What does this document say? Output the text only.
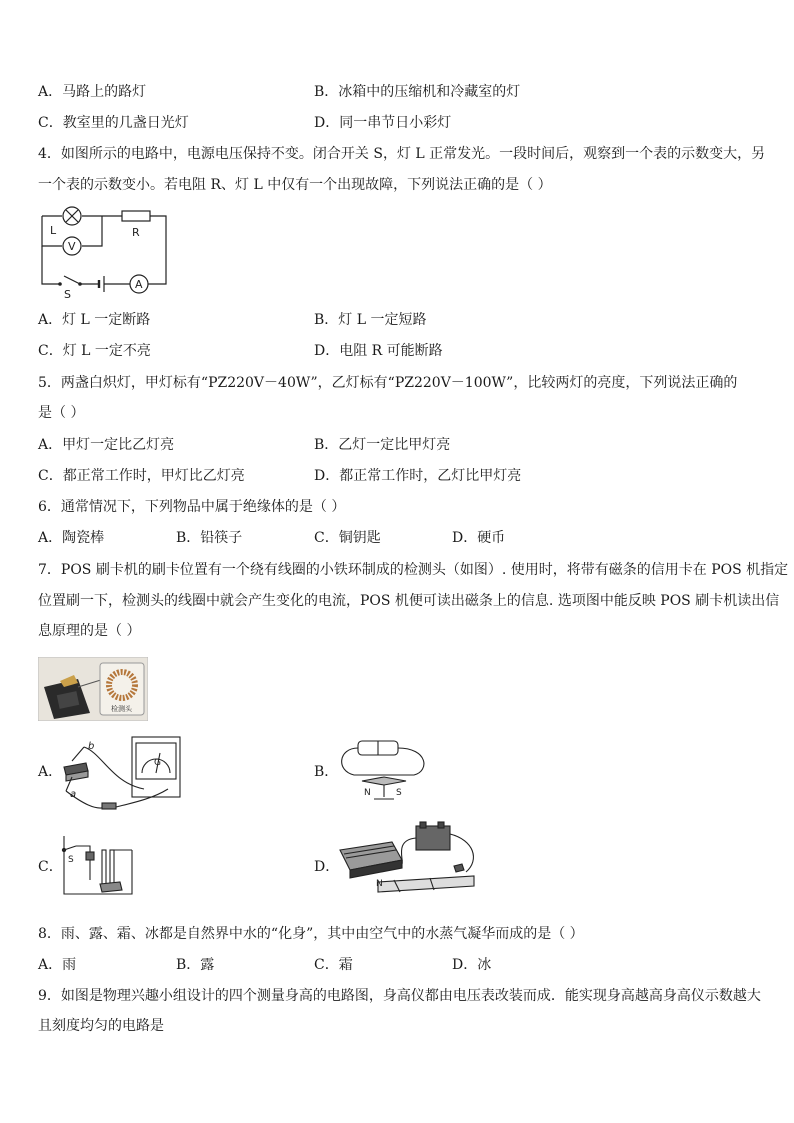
A．马路上的路灯	B．冰箱中的压缩机和冷藏室的灯
C．教室里的几盏日光灯	D．同一串节日小彩灯
4．如图所示的电路中，电源电压保持不变。闭合开关 S，灯 L 正常发光。一段时间后，观察到一个表的示数变大，另
一个表的示数变小。若电阻 R、灯 L 中仅有一个出现故障，下列说法正确的是（ ）
L
V
R
S
A
A．灯 L 一定断路	B．灯 L 一定短路
C．灯 L 一定不亮	D．电阻 R 可能断路
5．两盏白炽灯，甲灯标有“PZ220V－40W”，乙灯标有“PZ220V－100W”，比较两灯的亮度，下列说法正确的
是（ ）
A．甲灯一定比乙灯亮	B．乙灯一定比甲灯亮
C．都正常工作时，甲灯比乙灯亮	D．都正常工作时，乙灯比甲灯亮
6．通常情况下，下列物品中属于绝缘体的是（ ）
A．陶瓷棒	B．铅筷子	C．铜钥匙	D．硬币
7．POS 刷卡机的刷卡位置有一个绕有线圈的小铁环制成的检测头（如图）. 使用时，将带有磁条的信用卡在 POS 机指定
位置刷一下，检测头的线圈中就会产生变化的电流，POS 机便可读出磁条上的信息. 选项图中能反映 POS 刷卡机读出信
息原理的是（ ）
检测头
A．
b
a
G
B．
N	S
C． S	D．
N
8．雨、露、霜、冰都是自然界中水的“化身”，其中由空气中的水蒸气凝华而成的是（ ）
A．雨	B．露	C．霜	D．冰
9．如图是物理兴趣小组设计的四个测量身高的电路图，身高仪都由电压表改装而成．能实现身高越高身高仪示数越大
且刻度均匀的电路是
